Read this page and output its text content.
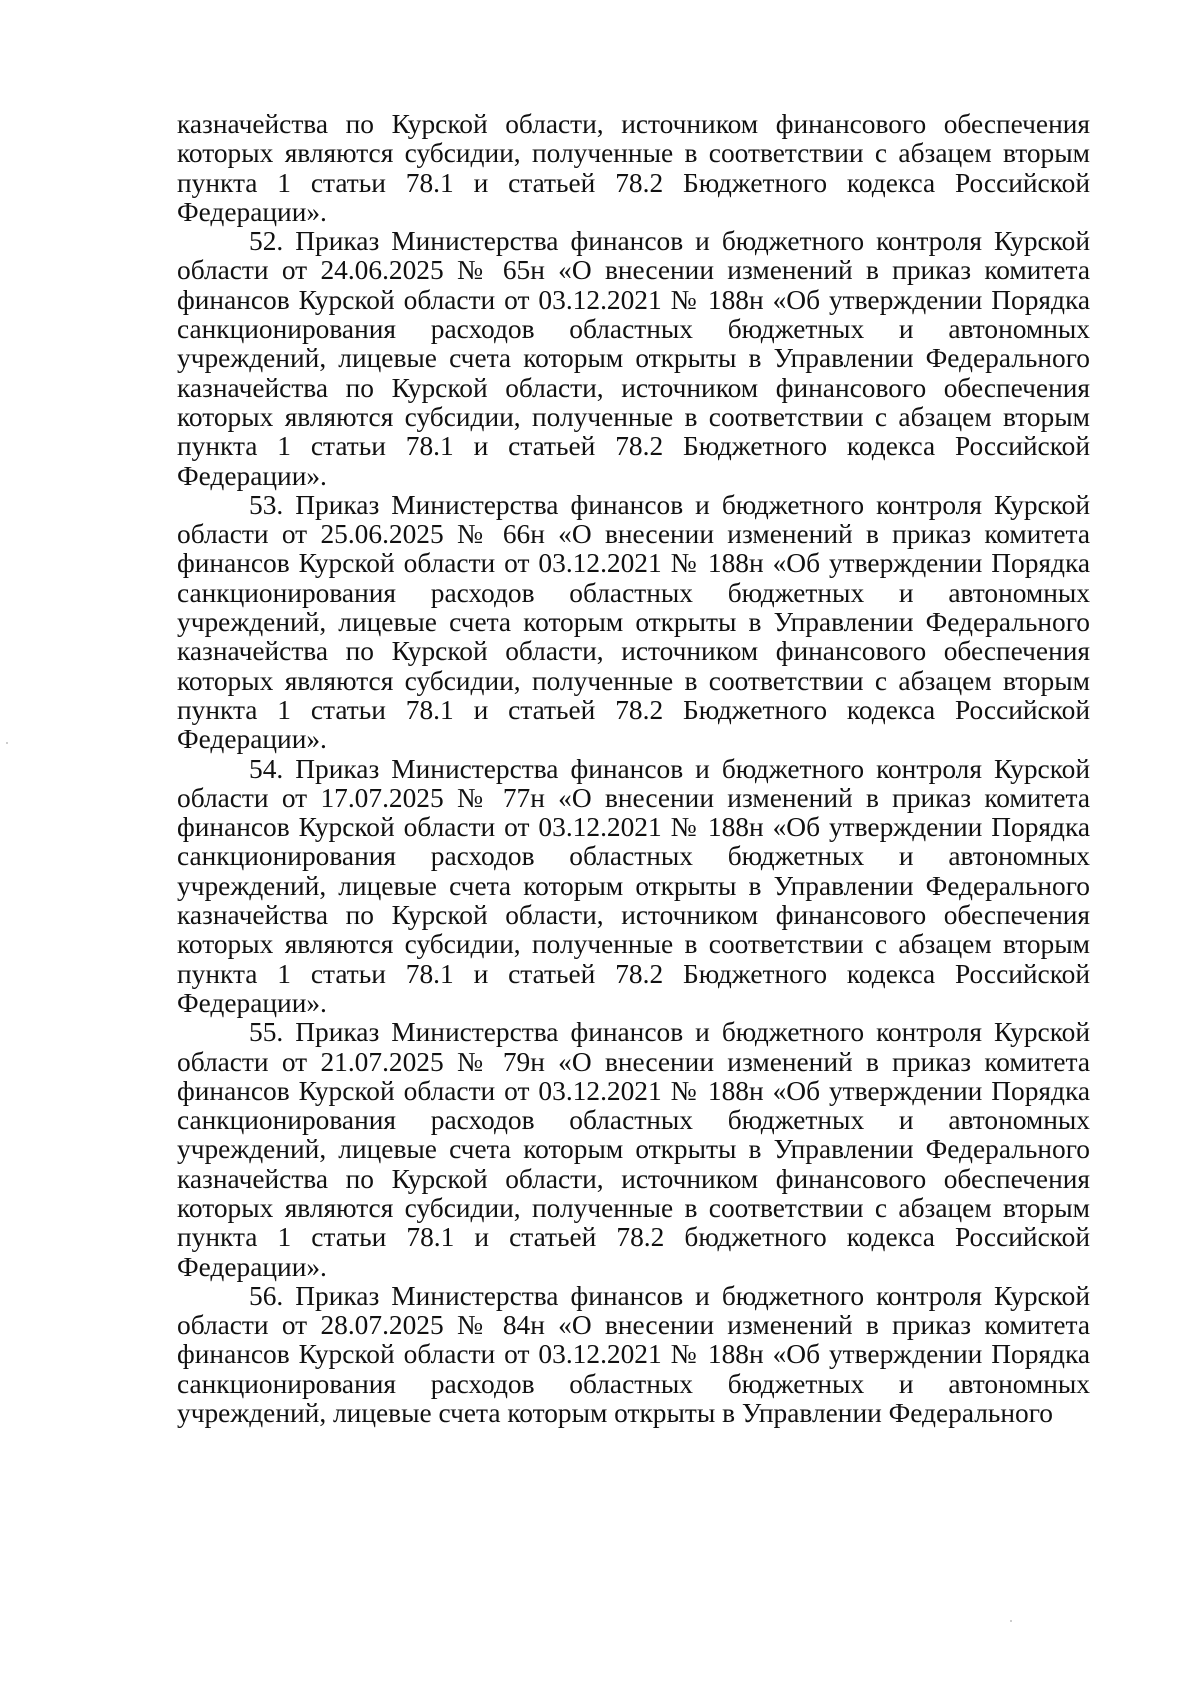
казначейства по Курской области, источником финансового обеспечения которых являются субсидии, полученные в соответствии с абзацем вторым пункта 1 статьи 78.1 и статьей 78.2 Бюджетного кодекса Российской Федерации».

52. Приказ Министерства финансов и бюджетного контроля Курской области от 24.06.2025 № 65н «О внесении изменений в приказ комитета финансов Курской области от 03.12.2021 № 188н «Об утверждении Порядка санкционирования расходов областных бюджетных и автономных учреждений, лицевые счета которым открыты в Управлении Федерального казначейства по Курской области, источником финансового обеспечения которых являются субсидии, полученные в соответствии с абзацем вторым пункта 1 статьи 78.1 и статьей 78.2 Бюджетного кодекса Российской Федерации».

53. Приказ Министерства финансов и бюджетного контроля Курской области от 25.06.2025 № 66н «О внесении изменений в приказ комитета финансов Курской области от 03.12.2021 № 188н «Об утверждении Порядка санкционирования расходов областных бюджетных и автономных учреждений, лицевые счета которым открыты в Управлении Федерального казначейства по Курской области, источником финансового обеспечения которых являются субсидии, полученные в соответствии с абзацем вторым пункта 1 статьи 78.1 и статьей 78.2 Бюджетного кодекса Российской Федерации».

54. Приказ Министерства финансов и бюджетного контроля Курской области от 17.07.2025 № 77н «О внесении изменений в приказ комитета финансов Курской области от 03.12.2021 № 188н «Об утверждении Порядка санкционирования расходов областных бюджетных и автономных учреждений, лицевые счета которым открыты в Управлении Федерального казначейства по Курской области, источником финансового обеспечения которых являются субсидии, полученные в соответствии с абзацем вторым пункта 1 статьи 78.1 и статьей 78.2 Бюджетного кодекса Российской Федерации».

55. Приказ Министерства финансов и бюджетного контроля Курской области от 21.07.2025 № 79н «О внесении изменений в приказ комитета финансов Курской области от 03.12.2021 № 188н «Об утверждении Порядка санкционирования расходов областных бюджетных и автономных учреждений, лицевые счета которым открыты в Управлении Федерального казначейства по Курской области, источником финансового обеспечения которых являются субсидии, полученные в соответствии с абзацем вторым пункта 1 статьи 78.1 и статьей 78.2 бюджетного кодекса Российской Федерации».

56. Приказ Министерства финансов и бюджетного контроля Курской области от 28.07.2025 № 84н «О внесении изменений в приказ комитета финансов Курской области от 03.12.2021 № 188н «Об утверждении Порядка санкционирования расходов областных бюджетных и автономных учреждений, лицевые счета которым открыты в Управлении Федерального
